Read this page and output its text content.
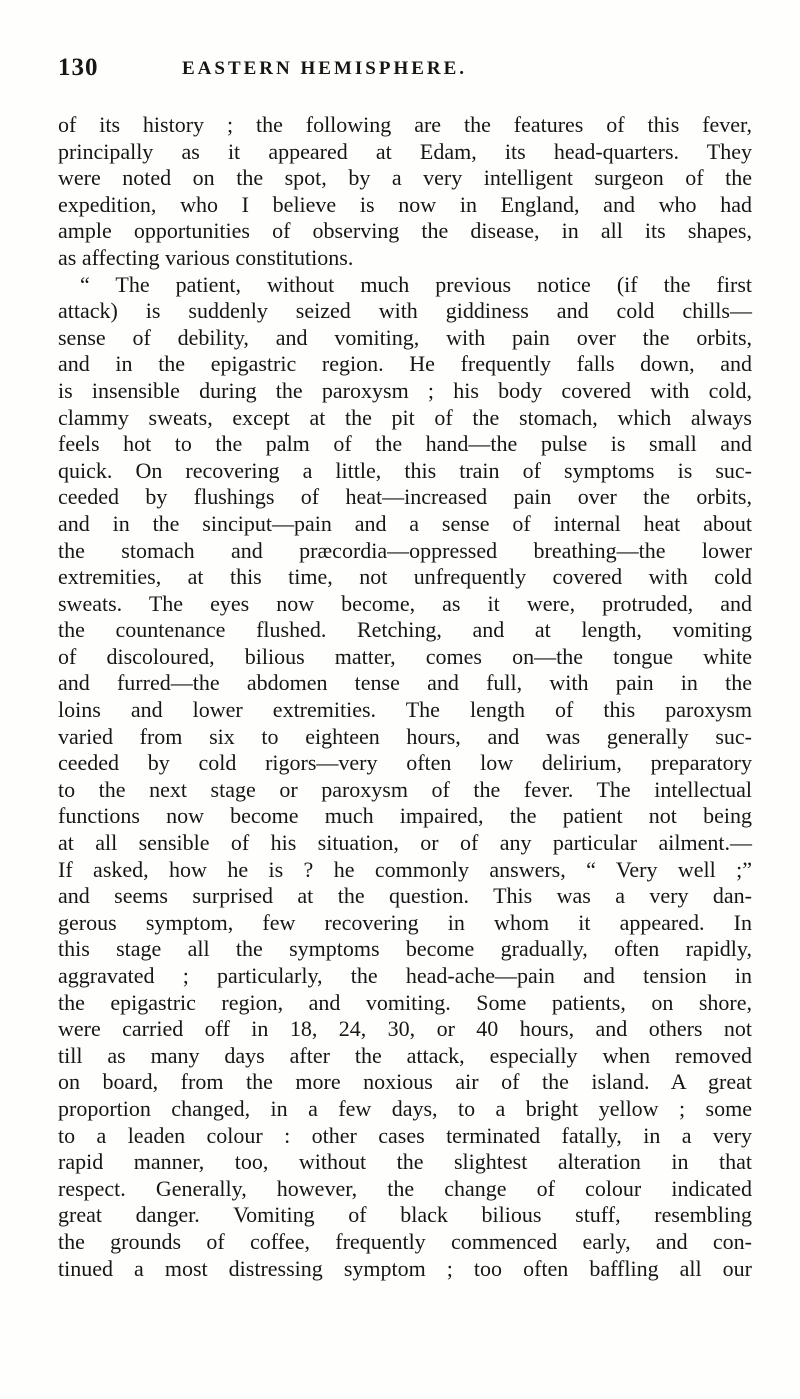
130	EASTERN HEMISPHERE.
of its history ; the following are the features of this fever,
principally as it appeared at Edam, its head-quarters. They
were noted on the spot, by a very intelligent surgeon of the
expedition, who I believe is now in England, and who had
ample opportunities of observing the disease, in all its shapes,
as affecting various constitutions.
“ The patient, without much previous notice (if the first
attack) is suddenly seized with giddiness and cold chills—
sense of debility, and vomiting, with pain over the orbits,
and in the epigastric region. He frequently falls down, and
is insensible during the paroxysm ; his body covered with cold,
clammy sweats, except at the pit of the stomach, which always
feels hot to the palm of the hand—the pulse is small and
quick. On recovering a little, this train of symptoms is suc-
ceeded by flushings of heat—increased pain over the orbits,
and in the sinciput—pain and a sense of internal heat about
the stomach and præcordia—oppressed breathing—the lower
extremities, at this time, not unfrequently covered with cold
sweats. The eyes now become, as it were, protruded, and
the countenance flushed. Retching, and at length, vomiting
of discoloured, bilious matter, comes on—the tongue white
and furred—the abdomen tense and full, with pain in the
loins and lower extremities. The length of this paroxysm
varied from six to eighteen hours, and was generally suc-
ceeded by cold rigors—very often low delirium, preparatory
to the next stage or paroxysm of the fever. The intellectual
functions now become much impaired, the patient not being
at all sensible of his situation, or of any particular ailment.—
If asked, how he is ? he commonly answers, “ Very well ;”
and seems surprised at the question. This was a very dan-
gerous symptom, few recovering in whom it appeared. In
this stage all the symptoms become gradually, often rapidly,
aggravated ; particularly, the head-ache—pain and tension in
the epigastric region, and vomiting. Some patients, on shore,
were carried off in 18, 24, 30, or 40 hours, and others not
till as many days after the attack, especially when removed
on board, from the more noxious air of the island. A great
proportion changed, in a few days, to a bright yellow ; some
to a leaden colour : other cases terminated fatally, in a very
rapid manner, too, without the slightest alteration in that
respect. Generally, however, the change of colour indicated
great danger. Vomiting of black bilious stuff, resembling
the grounds of coffee, frequently commenced early, and con-
tinued a most distressing symptom ; too often baffling all our
